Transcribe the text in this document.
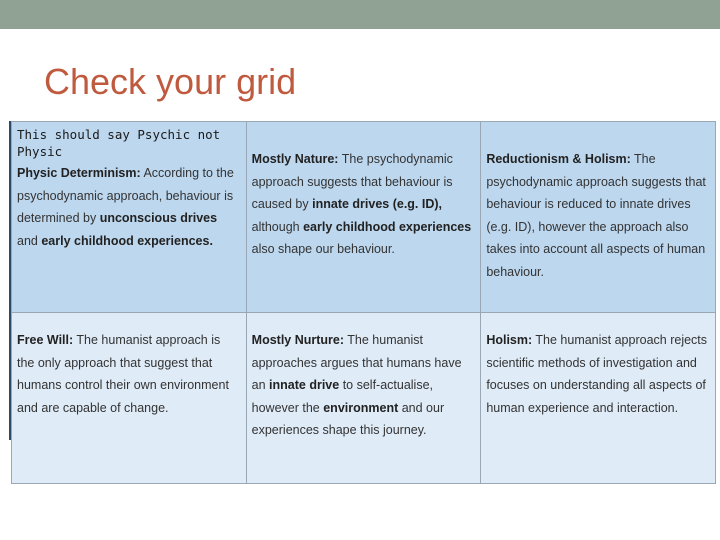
Check your grid
This should say Psychic not Physic
Physic Determinism: According to the psychodynamic approach, behaviour is determined by unconscious drives and early childhood experiences.	Mostly Nature: The psychodynamic approach suggests that behaviour is caused by innate drives (e.g. ID), although early childhood experiences also shape our behaviour.	Reductionism & Holism: The psychodynamic approach suggests that behaviour is reduced to innate drives (e.g. ID), however the approach also takes into account all aspects of human behaviour.
Free Will: The humanist approach is the only approach that suggest that humans control their own environment and are capable of change.	Mostly Nurture: The humanist approaches argues that humans have an innate drive to self-actualise, however the environment and our experiences shape this journey.	Holism: The humanist approach rejects scientific methods of investigation and focuses on understanding all aspects of human experience and interaction.
